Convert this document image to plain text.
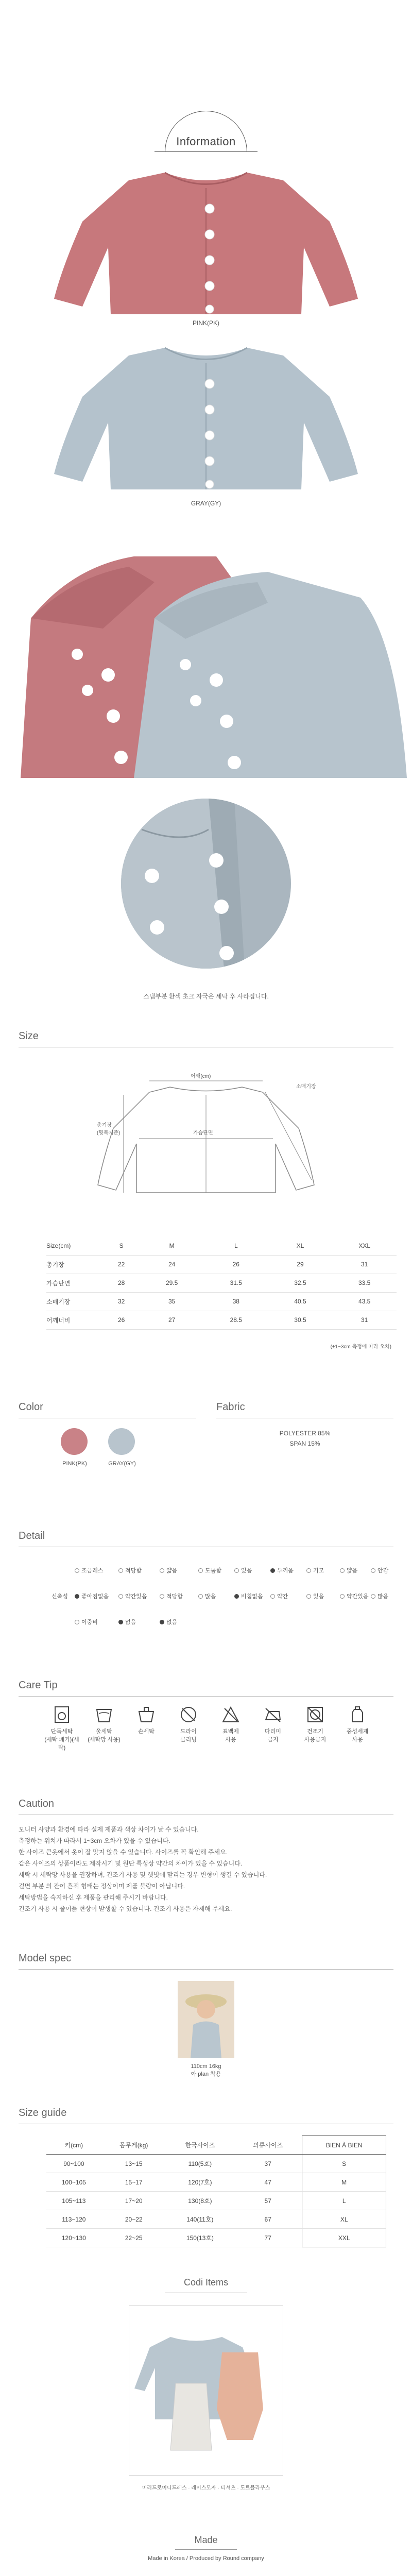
Information
PINK(PK)
GRAY(GY)
스냅부분 환색 초크 자국은 세탁 후 사라집니다.
Size
어깨(cm)
소매기장
가슴단면
총기장
(뒷목기준)
Size(cm)	S	M	L	XL	XXL
총기장	22	24	26	29	31
가슴단면	28	29.5	31.5	32.5	33.5
소매기장	32	35	38	40.5	43.5
어깨너비	26	27	28.5	30.5	31
(±1~3cm 측정에 따라 오차)
Color	Fabric
PINK(PK)	GRAY(GY)
POLYESTER 85%
SPAN 15%
Detail
조금레스	적당함	얇음	도톰함	있음	두꺼움	기모	얇음	안감
신축성	좋아짐없음	약간있음	적당함	많음	비침없음	약간	있음	약간있음	많음
이중비	없음	없음
Care Tip
단독세탁
(세탁 폐기)(세탁)
울세탁
(세탁망 사용)
손세탁	드라이
클리닝
표백제
사용
다리미
금지
건조기
사용금지
중성세제
사용
Caution

모니터 사양과 환경에 따라 실제 제품과 색상 차이가 날 수 있습니다.

측정하는 위치가 따라서 1~3cm 오차가 있을 수 있습니다.

한 사이즈 큰옷에서 옷이 잘 맞지 않을 수 있습니다. 사이즈를 꼭 확인해 주세요.

같은 사이즈의 상품이라도 제작시기 및 원단 특성상 약간의 차이가 있을 수 있습니다.

세탁 시 세탁망 사용을 권장하며, 건조기 사용 및 햇빛에 말리는 경우 변형이 생길 수 있습니다.

겉면 부분 의 잔여 흔적 형태는 정상이며 제품 불량이 아닙니다.

세탁방법을 숙지하신 후 제품을 관리해 주시기 바랍니다.

건조기 사용 시 줄어듦 현상이 발생할 수 있습니다. 건조기 사용은 자제해 주세요.

Model spec
110cm 16kg
아 plan 착용
Size guide
키(cm)	몸무게(kg)	한국사이즈	의류사이즈	BIEN À BIEN
90~100	13~15	110(5호)	37	S
100~105	15~17	120(7호)	47	M
105~113	17~20	130(8호)	57	L
113~120	20~22	140(11호)	67	XL
120~130	22~25	150(13호)	77	XXL
Codi Items
미러드로미니드레스 · 레이스모자 · 티셔츠 · 도트블라우스
Made
Made in Korea / Produced by Round company
